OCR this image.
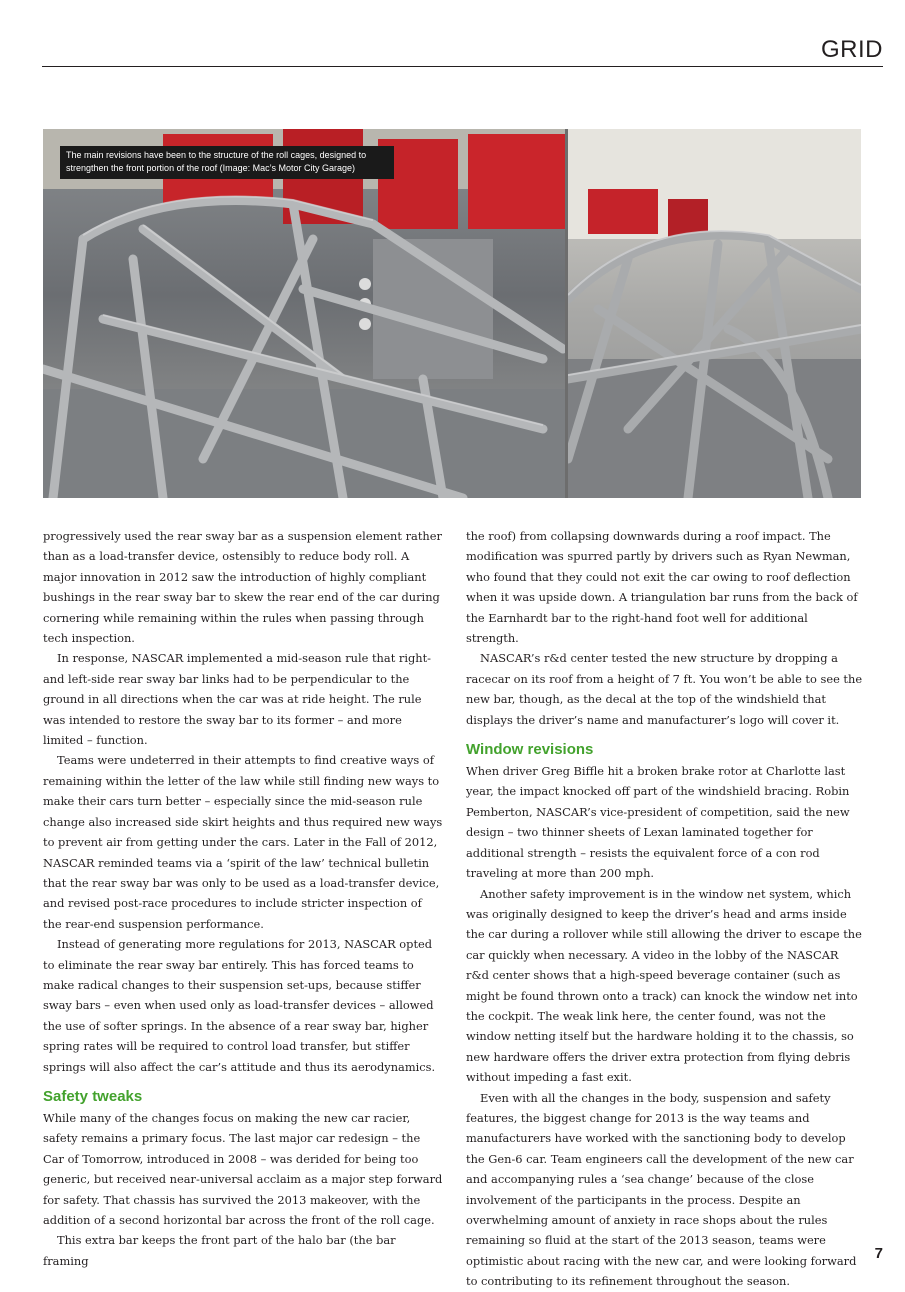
GRID
The main revisions have been to the structure of the roll cages, designed to strengthen the front portion of the roof (Image: Mac’s Motor City Garage)

progressively used the rear sway bar as a suspension element rather than as a load-transfer device, ostensibly to reduce body roll. A major innovation in 2012 saw the introduction of highly compliant bushings in the rear sway bar to skew the rear end of the car during cornering while remaining within the rules when passing through tech inspection.

In response, NASCAR implemented a mid-season rule that right- and left-side rear sway bar links had to be perpendicular to the ground in all directions when the car was at ride height. The rule was intended to restore the sway bar to its former – and more limited – function.

Teams were undeterred in their attempts to find creative ways of remaining within the letter of the law while still finding new ways to make their cars turn better – especially since the mid-season rule change also increased side skirt heights and thus required new ways to prevent air from getting under the cars. Later in the Fall of 2012, NASCAR reminded teams via a ‘spirit of the law’ technical bulletin that the rear sway bar was only to be used as a load-transfer device, and revised post-race procedures to include stricter inspection of the rear-end suspension performance.

Instead of generating more regulations for 2013, NASCAR opted to eliminate the rear sway bar entirely. This has forced teams to make radical changes to their suspension set-ups, because stiffer sway bars – even when used only as load-transfer devices – allowed the use of softer springs. In the absence of a rear sway bar, higher spring rates will be required to control load transfer, but stiffer springs will also affect the car’s attitude and thus its aerodynamics.

Safety tweaks

While many of the changes focus on making the new car racier, safety remains a primary focus. The last major car redesign – the Car of Tomorrow, introduced in 2008 – was derided for being too generic, but received near-universal acclaim as a major step forward for safety. That chassis has survived the 2013 makeover, with the addition of a second horizontal bar across the front of the roll cage.

This extra bar keeps the front part of the halo bar (the bar framing

the roof) from collapsing downwards during a roof impact. The modification was spurred partly by drivers such as Ryan Newman, who found that they could not exit the car owing to roof deflection when it was upside down. A triangulation bar runs from the back of the Earnhardt bar to the right-hand foot well for additional strength.

NASCAR’s r&d center tested the new structure by dropping a racecar on its roof from a height of 7 ft. You won’t be able to see the new bar, though, as the decal at the top of the windshield that displays the driver’s name and manufacturer’s logo will cover it.

Window revisions

When driver Greg Biffle hit a broken brake rotor at Charlotte last year, the impact knocked off part of the windshield bracing. Robin Pemberton, NASCAR’s vice-president of competition, said the new design – two thinner sheets of Lexan laminated together for additional strength – resists the equivalent force of a con rod traveling at more than 200 mph.

Another safety improvement is in the window net system, which was originally designed to keep the driver’s head and arms inside the car during a rollover while still allowing the driver to escape the car quickly when necessary. A video in the lobby of the NASCAR r&d center shows that a high-speed beverage container (such as might be found thrown onto a track) can knock the window net into the cockpit. The weak link here, the center found, was not the window netting itself but the hardware holding it to the chassis, so new hardware offers the driver extra protection from flying debris without impeding a fast exit.

Even with all the changes in the body, suspension and safety features, the biggest change for 2013 is the way teams and manufacturers have worked with the sanctioning body to develop the Gen-6 car. Team engineers call the development of the new car and accompanying rules a ‘sea change’ because of the close involvement of the participants in the process. Despite an overwhelming amount of anxiety in race shops about the rules remaining so fluid at the start of the 2013 season, teams were optimistic about racing with the new car, and were looking forward to contributing to its refinement throughout the season.

7
